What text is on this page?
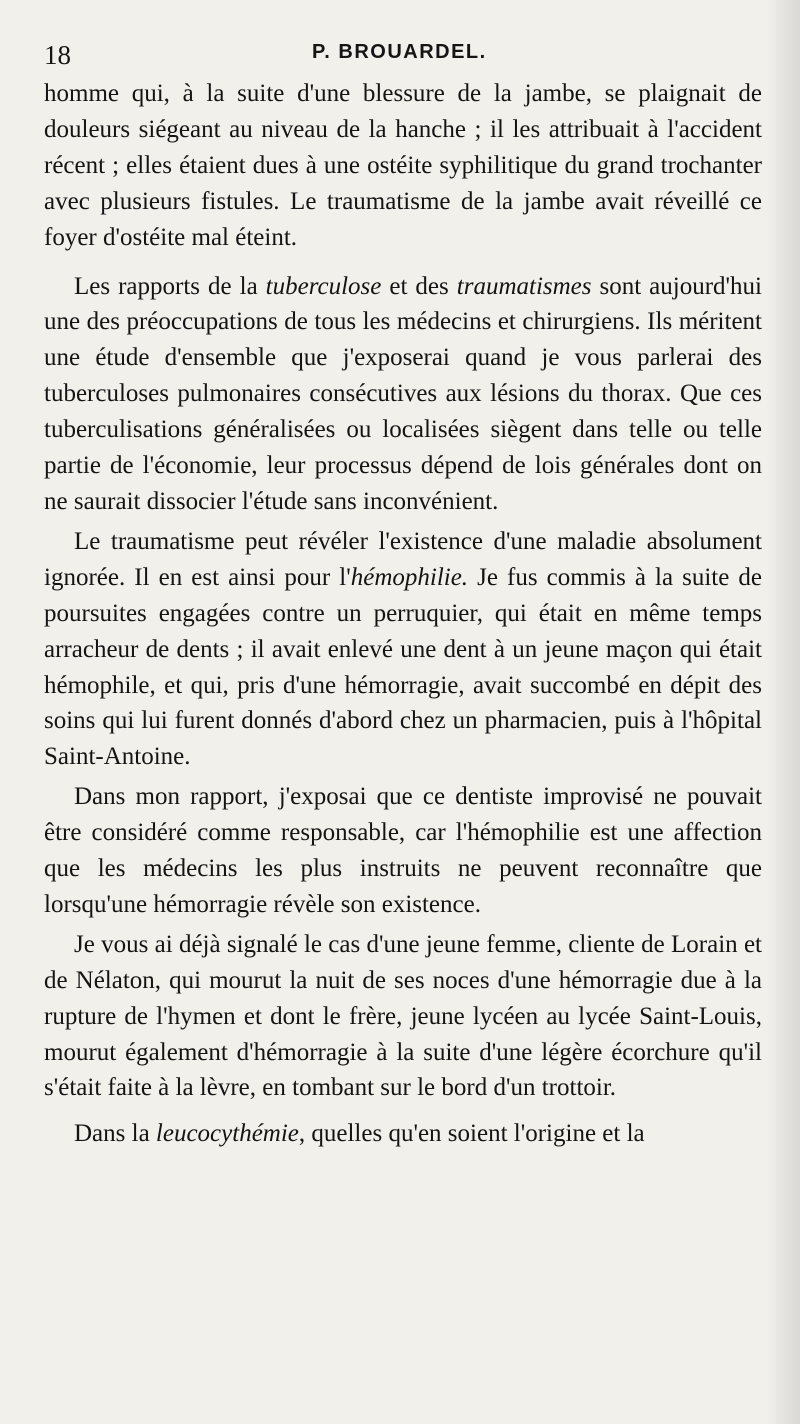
18	P. BROUARDEL.

homme qui, à la suite d'une blessure de la jambe, se plaignait de douleurs siégeant au niveau de la hanche ; il les attribuait à l'accident récent ; elles étaient dues à une ostéite syphilitique du grand trochanter avec plusieurs fistules. Le traumatisme de la jambe avait réveillé ce foyer d'ostéite mal éteint.

Les rapports de la tuberculose et des traumatismes sont aujourd'hui une des préoccupations de tous les médecins et chirurgiens. Ils méritent une étude d'ensemble que j'exposerai quand je vous parlerai des tuberculoses pulmonaires consécutives aux lésions du thorax. Que ces tuberculisations généralisées ou localisées siègent dans telle ou telle partie de l'économie, leur processus dépend de lois générales dont on ne saurait dissocier l'étude sans inconvénient.

Le traumatisme peut révéler l'existence d'une maladie absolument ignorée. Il en est ainsi pour l'hémophilie. Je fus commis à la suite de poursuites engagées contre un perruquier, qui était en même temps arracheur de dents ; il avait enlevé une dent à un jeune maçon qui était hémophile, et qui, pris d'une hémorragie, avait succombé en dépit des soins qui lui furent donnés d'abord chez un pharmacien, puis à l'hôpital Saint-Antoine.

Dans mon rapport, j'exposai que ce dentiste improvisé ne pouvait être considéré comme responsable, car l'hémophilie est une affection que les médecins les plus instruits ne peuvent reconnaître que lorsqu'une hémorragie révèle son existence.

Je vous ai déjà signalé le cas d'une jeune femme, cliente de Lorain et de Nélaton, qui mourut la nuit de ses noces d'une hémorragie due à la rupture de l'hymen et dont le frère, jeune lycéen au lycée Saint-Louis, mourut également d'hémorragie à la suite d'une légère écorchure qu'il s'était faite à la lèvre, en tombant sur le bord d'un trottoir.

Dans la leucocythémie, quelles qu'en soient l'origine et la
